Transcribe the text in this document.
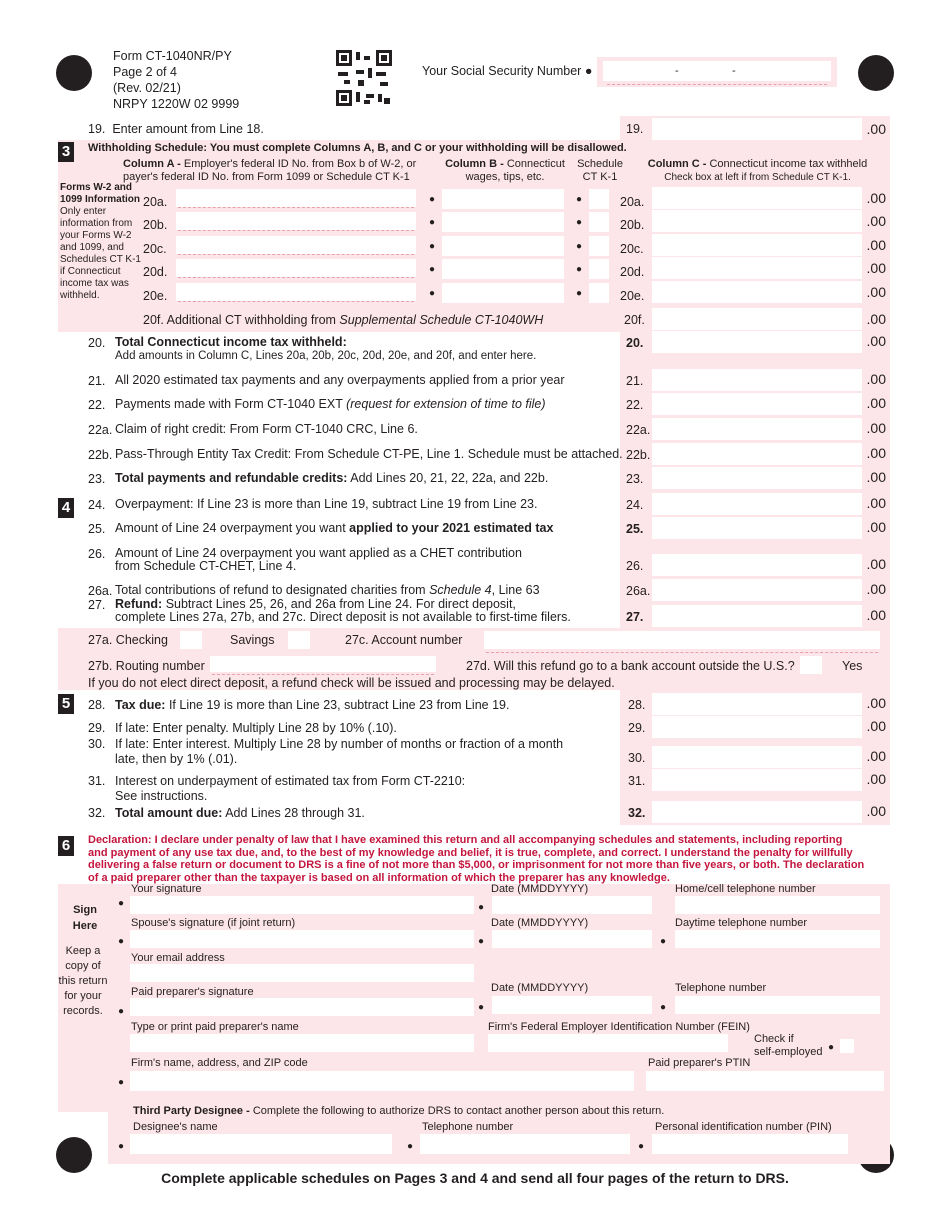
Form CT-1040NR/PY
Page 2 of 4
(Rev. 02/21)
NRPY 1220W 02 9999
Your Social Security Number ●	-	-
19. Enter amount from Line 18.	19.	.00
3	Withholding Schedule: You must complete Columns A, B, and C or your withholding will be disallowed.
Column A - Employer's federal ID No. from Box b of W-2, or
payer's federal ID No. from Form 1099 or Schedule CT K-1
Column B - Connecticut
wages, tips, etc.
Schedule
CT K-1
Column C - Connecticut income tax withheld
Check box at left if from Schedule CT K-1.
Forms W-2 and
1099 Information
Only enter
information from
your Forms W-2
and 1099, and
Schedules CT K-1
if Connecticut
income tax was
withheld.
20a.	●	●	20a.	.00
20b.	●	●	20b.	.00
20c.	●	●	20c.	.00
20d.	●	●	20d.	.00
20e.	●	●	20e.	.00
20f. Additional CT withholding from Supplemental Schedule CT-1040WH	20f.	.00
20. Total Connecticut income tax withheld:
Add amounts in Column C, Lines 20a, 20b, 20c, 20d, 20e, and 20f, and enter here.
20.	.00
21. All 2020 estimated tax payments and any overpayments applied from a prior year	21.	.00
22. Payments made with Form CT-1040 EXT (request for extension of time to file)	22.	.00
22a. Claim of right credit: From Form CT-1040 CRC, Line 6.	22a.	.00
22b. Pass-Through Entity Tax Credit: From Schedule CT-PE, Line 1. Schedule must be attached. 22b.	.00
23. Total payments and refundable credits: Add Lines 20, 21, 22, 22a, and 22b.	23.	.00
24. Overpayment: If Line 23 is more than Line 19, subtract Line 19 from Line 23.	24.	.00
25. Amount of Line 24 overpayment you want applied to your 2021 estimated tax	25.	.00
26. Amount of Line 24 overpayment you want applied as a CHET contribution
from Schedule CT-CHET, Line 4.	26.	.00
26a. Total contributions of refund to designated charities from Schedule 4, Line 63	26a.	.00
27. Refund: Subtract Lines 25, 26, and 26a from Line 24. For direct deposit,
complete Lines 27a, 27b, and 27c. Direct deposit is not available to first-time filers.	27.	.00
4
27a. Checking	Savings	27c. Account number
27b. Routing number	27d. Will this refund go to a bank account outside the U.S.?	Yes
If you do not elect direct deposit, a refund check will be issued and processing may be delayed.
5	28. Tax due: If Line 19 is more than Line 23, subtract Line 23 from Line 19.	28.	.00
29. If late: Enter penalty. Multiply Line 28 by 10% (.10).	29.	.00
30. If late: Enter interest. Multiply Line 28 by number of months or fraction of a month
late, then by 1% (.01).	30.	.00
31. Interest on underpayment of estimated tax from Form CT-2210:
See instructions.
31.	.00
32. Total amount due: Add Lines 28 through 31.	32.	.00
6	Declaration: I declare under penalty of law that I have examined this return and all accompanying schedules and statements, including reporting
and payment of any use tax due, and, to the best of my knowledge and belief, it is true, complete, and correct. I understand the penalty for willfully
delivering a false return or document to DRS is a fine of not more than $5,000, or imprisonment for not more than five years, or both. The declaration
of a paid preparer other than the taxpayer is based on all information of which the preparer has any knowledge.
Sign
Here
Keep a
copy of
this return
for your
records.
Your signature	Date (MMDDYYYY)	Home/cell telephone number
●	●
Spouse's signature (if joint return)	Date (MMDDYYYY)	Daytime telephone number
●	●	●
Your email address
Paid preparer's signature	Date (MMDDYYYY)	Telephone number
●	●	●
Type or print paid preparer's name	Firm's Federal Employer Identification Number (FEIN)
Check if
self-employed ●
Firm's name, address, and ZIP code	Paid preparer's PTIN
●
Third Party Designee - Complete the following to authorize DRS to contact another person about this return.
Designee's name	Telephone number	Personal identification number (PIN)
●	●	●
Complete applicable schedules on Pages 3 and 4 and send all four pages of the return to DRS.
